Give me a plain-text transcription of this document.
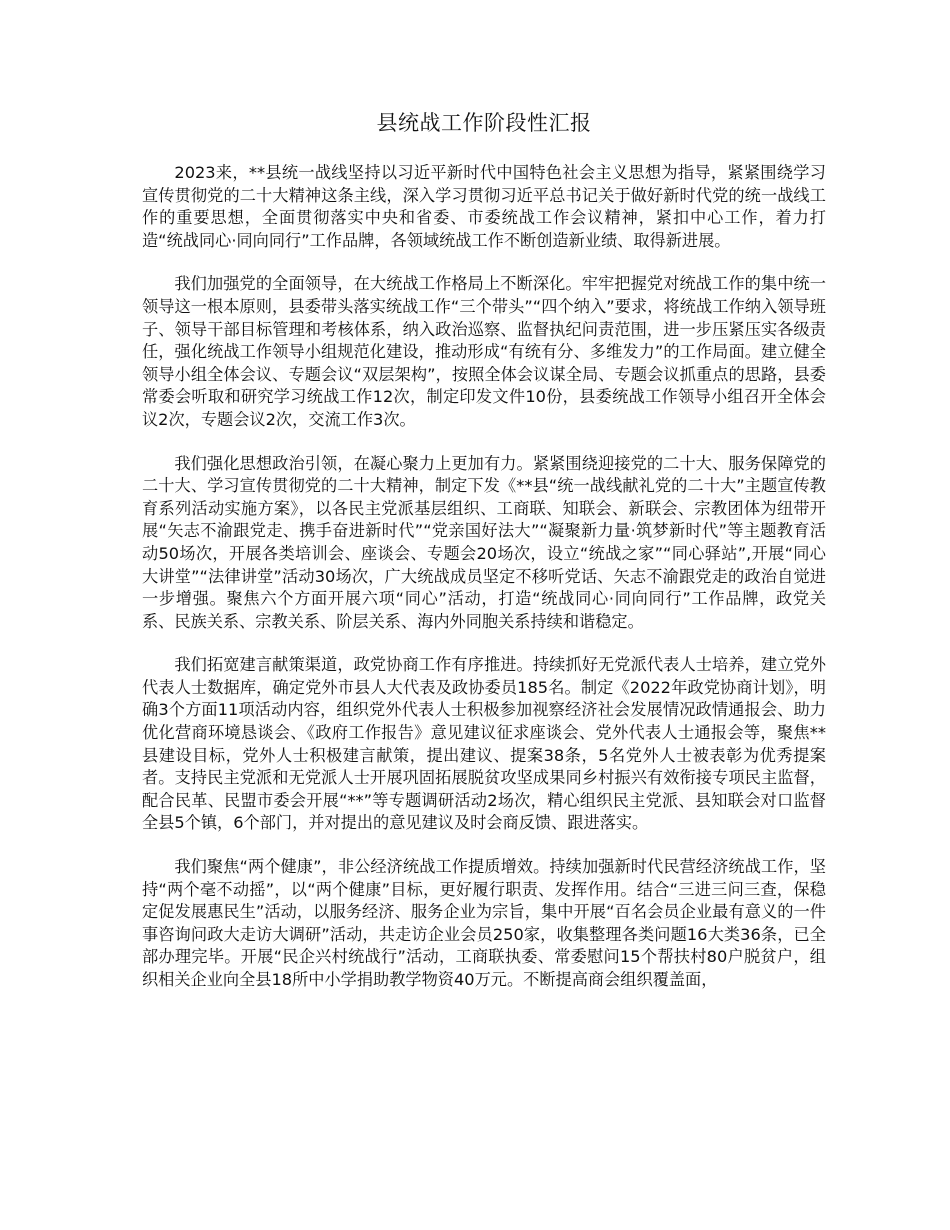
县统战工作阶段性汇报

2023来，**县统一战线坚持以习近平新时代中国特色社会主义思想为指导，紧紧围绕学习宣传贯彻党的二十大精神这条主线，深入学习贯彻习近平总书记关于做好新时代党的统一战线工作的重要思想，全面贯彻落实中央和省委、市委统战工作会议精神，紧扣中心工作，着力打造“统战同心·同向同行”工作品牌，各领域统战工作不断创造新业绩、取得新进展。

我们加强党的全面领导，在大统战工作格局上不断深化。牢牢把握党对统战工作的集中统一领导这一根本原则，县委带头落实统战工作“三个带头”“四个纳入”要求，将统战工作纳入领导班子、领导干部目标管理和考核体系，纳入政治巡察、监督执纪问责范围，进一步压紧压实各级责任，强化统战工作领导小组规范化建设，推动形成“有统有分、多维发力”的工作局面。建立健全领导小组全体会议、专题会议“双层架构”，按照全体会议谋全局、专题会议抓重点的思路，县委常委会听取和研究学习统战工作12次，制定印发文件10份，县委统战工作领导小组召开全体会议2次，专题会议2次，交流工作3次。

我们强化思想政治引领，在凝心聚力上更加有力。紧紧围绕迎接党的二十大、服务保障党的二十大、学习宣传贯彻党的二十大精神，制定下发《**县“统一战线献礼党的二十大”主题宣传教育系列活动实施方案》，以各民主党派基层组织、工商联、知联会、新联会、宗教团体为纽带开展“矢志不渝跟党走、携手奋进新时代”“党亲国好法大”“凝聚新力量·筑梦新时代”等主题教育活动50场次，开展各类培训会、座谈会、专题会20场次，设立“统战之家”“同心驿站”,开展“同心大讲堂”“法律讲堂”活动30场次，广大统战成员坚定不移听党话、矢志不渝跟党走的政治自觉进一步增强。聚焦六个方面开展六项“同心”活动，打造“统战同心·同向同行”工作品牌，政党关系、民族关系、宗教关系、阶层关系、海内外同胞关系持续和谐稳定。

我们拓宽建言献策渠道，政党协商工作有序推进。持续抓好无党派代表人士培养，建立党外代表人士数据库，确定党外市县人大代表及政协委员185名。制定《2022年政党协商计划》，明确3个方面11项活动内容，组织党外代表人士积极参加视察经济社会发展情况政情通报会、助力优化营商环境恳谈会、《政府工作报告》意见建议征求座谈会、党外代表人士通报会等，聚焦**县建设目标，党外人士积极建言献策，提出建议、提案38条，5名党外人士被表彰为优秀提案者。支持民主党派和无党派人士开展巩固拓展脱贫攻坚成果同乡村振兴有效衔接专项民主监督，配合民革、民盟市委会开展“**”等专题调研活动2场次，精心组织民主党派、县知联会对口监督全县5个镇，6个部门，并对提出的意见建议及时会商反馈、跟进落实。

我们聚焦“两个健康”，非公经济统战工作提质增效。持续加强新时代民营经济统战工作，坚持“两个毫不动摇”，以“两个健康”目标，更好履行职责、发挥作用。结合“三进三问三查，保稳定促发展惠民生”活动，以服务经济、服务企业为宗旨，集中开展“百名会员企业最有意义的一件事咨询问政大走访大调研”活动，共走访企业会员250家，收集整理各类问题16大类36条，已全部办理完毕。开展“民企兴村统战行”活动，工商联执委、常委慰问15个帮扶村80户脱贫户，组织相关企业向全县18所中小学捐助教学物资40万元。不断提高商会组织覆盖面，
